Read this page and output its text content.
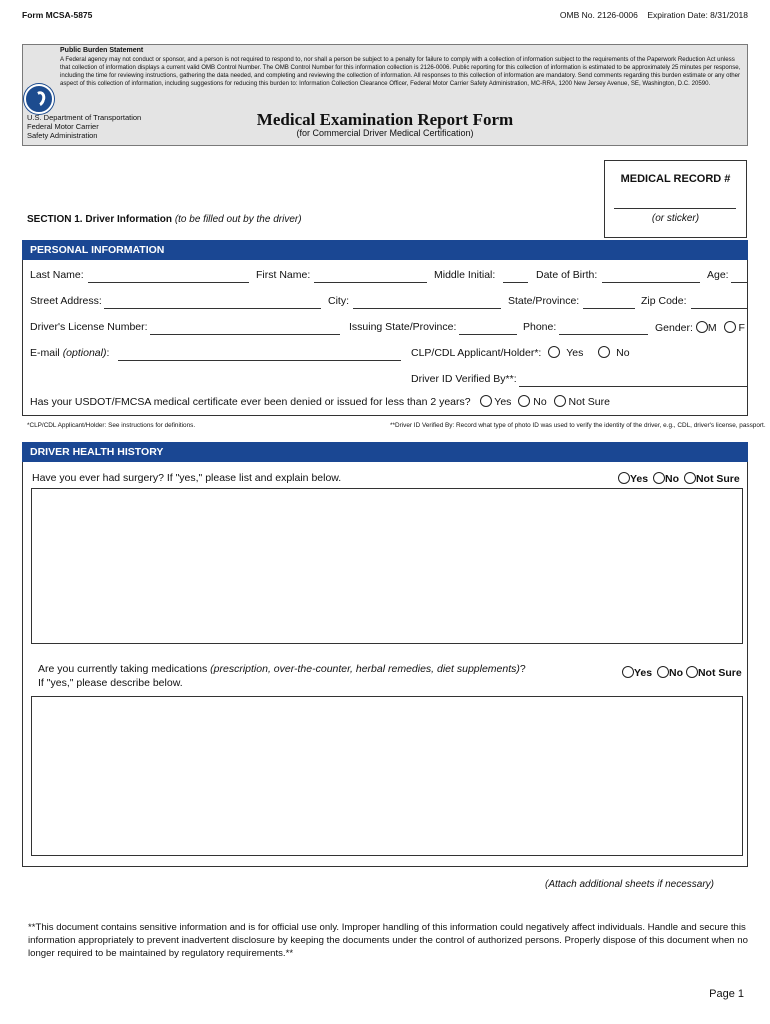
Form MCSA-5875	OMB No. 2126-0006 Expiration Date: 8/31/2018
Public Burden Statement
A Federal agency may not conduct or sponsor, and a person is not required to respond to, nor shall a person be subject to a penalty for failure to comply with a collection of information subject to the requirements of the Paperwork Reduction Act unless that collection of information displays a current valid OMB Control Number. The OMB Control Number for this information collection is 2126-0006. Public reporting for this collection of information is estimated to be approximately 25 minutes per response, including the time for reviewing instructions, gathering the data needed, and completing and reviewing the collection of information. All responses to this collection of information are mandatory. Send comments regarding this burden estimate or any other aspect of this collection of information, including suggestions for reducing this burden to: Information Collection Clearance Officer, Federal Motor Carrier Safety Administration, MC-RRA, 1200 New Jersey Avenue, SE, Washington, D.C. 20590.
U.S. Department of Transportation
Federal Motor Carrier
Safety Administration
Medical Examination Report Form
(for Commercial Driver Medical Certification)
MEDICAL RECORD #
(or sticker)
SECTION 1. Driver Information (to be filled out by the driver)
PERSONAL INFORMATION
Last Name:	First Name:	Middle Initial:	Date of Birth:	Age:
Street Address:	City:	State/Province:	Zip Code:
Driver's License Number:	Issuing State/Province:	Phone:	Gender: M F
E-mail (optional):	CLP/CDL Applicant/Holder*: Yes	No
Driver ID Verified By**:
Has your USDOT/FMCSA medical certificate ever been denied or issued for less than 2 years? Yes No Not Sure
*CLP/CDL Applicant/Holder: See instructions for definitions.	**Driver ID Verified By: Record what type of photo ID was used to verify the identity of the driver, e.g., CDL, driver's license, passport.
DRIVER HEALTH HISTORY
Have you ever had surgery? If "yes," please list and explain below.	Yes No Not Sure
Are you currently taking medications (prescription, over-the-counter, herbal remedies, diet supplements)?
If "yes," please describe below.
Yes No Not Sure
(Attach additional sheets if necessary)
**This document contains sensitive information and is for official use only. Improper handling of this information could negatively affect individuals. Handle and secure this information appropriately to prevent inadvertent disclosure by keeping the documents under the control of authorized persons. Properly dispose of this document when no longer required to be maintained by regulatory requirements.**
Page 1
